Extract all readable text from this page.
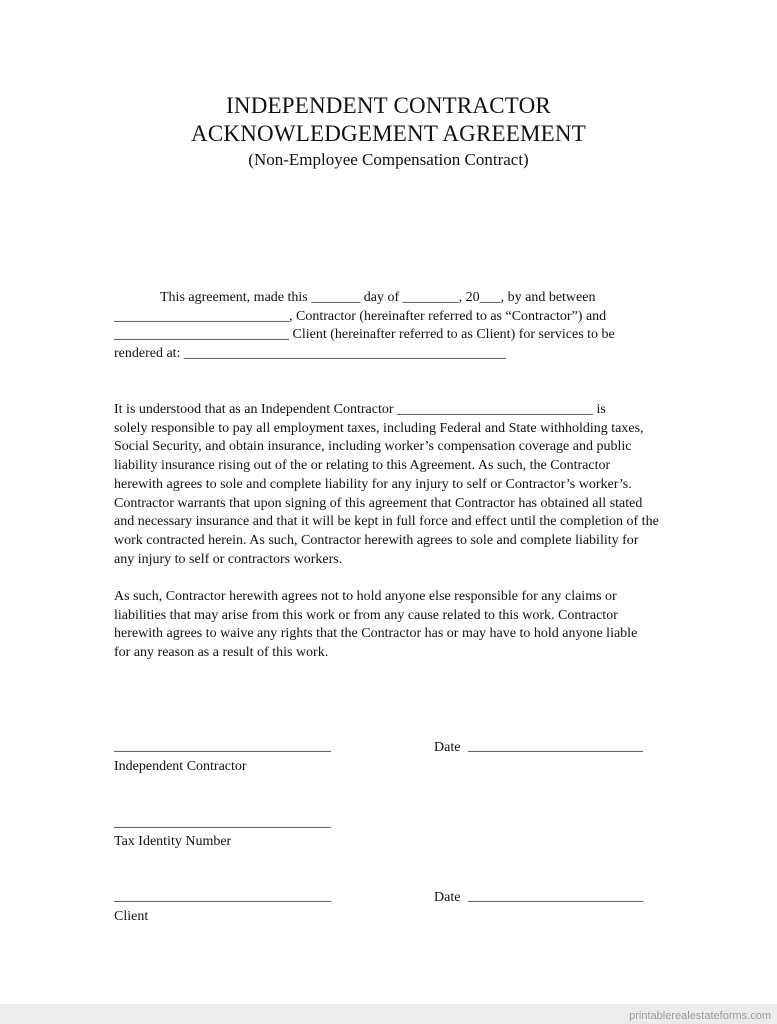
INDEPENDENT CONTRACTOR
ACKNOWLEDGEMENT AGREEMENT
(Non-Employee Compensation Contract)
This agreement, made this _______ day of ________, 20___, by and between
_________________________, Contractor (hereinafter referred to as “Contractor”) and
_________________________ Client (hereinafter referred to as Client) for services to be
rendered at: ______________________________________________
It is understood that as an Independent Contractor ____________________________ is
solely responsible to pay all employment taxes, including Federal and State withholding taxes,
Social Security, and obtain insurance, including worker’s compensation coverage and public
liability insurance rising out of the or relating to this Agreement. As such, the Contractor
herewith agrees to sole and complete liability for any injury to self or Contractor’s worker’s.
Contractor warrants that upon signing of this agreement that Contractor has obtained all stated
and necessary insurance and that it will be kept in full force and effect until the completion of the
work contracted herein. As such, Contractor herewith agrees to sole and complete liability for
any injury to self or contractors workers.
As such, Contractor herewith agrees not to hold anyone else responsible for any claims or
liabilities that may arise from this work or from any cause related to this work. Contractor
herewith agrees to waive any rights that the Contractor has or may have to hold anyone liable
for any reason as a result of this work.
_______________________________
Independent Contractor
Date _________________________
_______________________________
Tax Identity Number
_______________________________
Client
Date _________________________
printablerealestateforms.com
